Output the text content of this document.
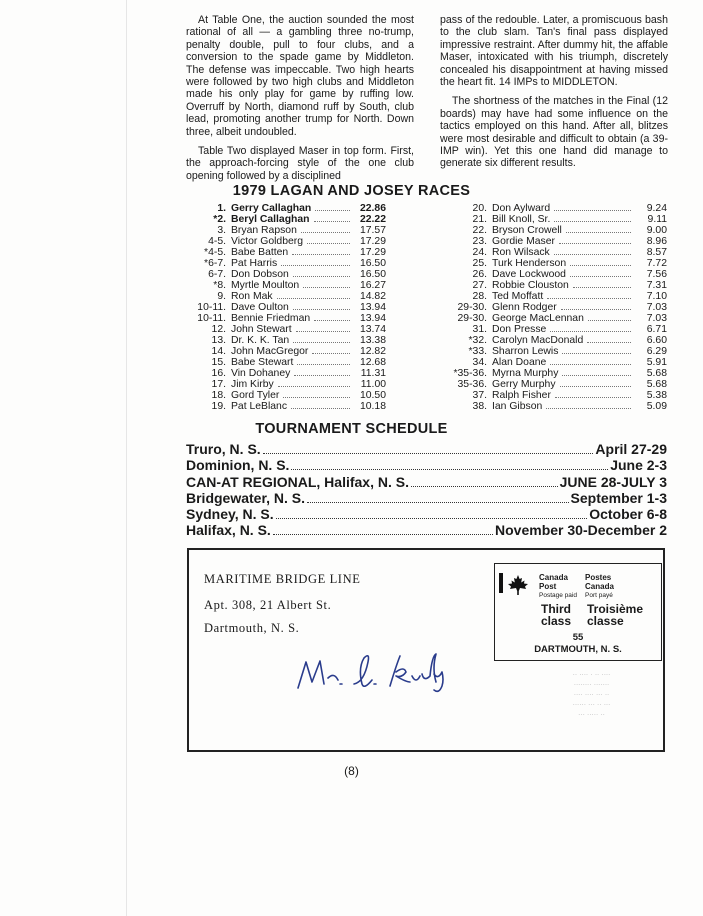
At Table One, the auction sounded the most rational of all — a gambling three no-trump, penalty double, pull to four clubs, and a conversion to the spade game by Middleton. The defense was impeccable. Two high hearts were followed by two high clubs and Middleton made his only play for game by ruffing low. Overruff by North, diamond ruff by South, club lead, promoting another trump for North. Down three, albeit undoubled.

Table Two displayed Maser in top form. First, the approach-forcing style of the one club opening followed by a disciplined

pass of the redouble. Later, a promiscuous bash to the club slam. Tan's final pass displayed impressive restraint. After dummy hit, the affable Maser, intoxicated with his triumph, discretely concealed his disappointment at having missed the heart fit. 14 IMPs to MIDDLETON.

The shortness of the matches in the Final (12 boards) may have had some influence on the tactics employed on this hand. After all, blitzes were most desirable and difficult to obtain (a 39-IMP win). Yet this one hand did manage to generate six different results.

1979 LAGAN AND JOSEY RACES
1. Gerry Callaghan	22.86
*2. Beryl Callaghan	22.22
3. Bryan Rapson	17.57
4-5. Victor Goldberg	17.29
*4-5. Babe Batten	17.29
*6-7. Pat Harris	16.50
6-7. Don Dobson	16.50
*8. Myrtle Moulton	16.27
9. Ron Mak	14.82
10-11. Dave Oulton	13.94
10-11. Bennie Friedman	13.94
12. John Stewart	13.74
13. Dr. K. K. Tan	13.38
14. John MacGregor	12.82
15. Babe Stewart	12.68
16. Vin Dohaney	11.31
17. Jim Kirby	11.00
18. Gord Tyler	10.50
19. Pat LeBlanc	10.18
20. Don Aylward	9.24
21. Bill Knoll, Sr.	9.11
22. Bryson Crowell	9.00
23. Gordie Maser	8.96
24. Ron Wilsack	8.57
25. Turk Henderson	7.72
26. Dave Lockwood	7.56
27. Robbie Clouston	7.31
28. Ted Moffatt	7.10
29-30. Glenn Rodger	7.03
29-30. George MacLennan	7.03
31. Don Presse	6.71
*32. Carolyn MacDonald	6.60
*33. Sharron Lewis	6.29
34. Alan Doane	5.91
*35-36. Myrna Murphy	5.68
35-36. Gerry Murphy	5.68
37. Ralph Fisher	5.38
38. Ian Gibson	5.09
TOURNAMENT SCHEDULE
Truro, N. S.	April 27-29
Dominion, N. S.	June 2-3
CAN-AT REGIONAL, Halifax, N. S.	JUNE 28-JULY 3
Bridgewater, N. S.	September 1-3
Sydney, N. S.	October 6-8
Halifax, N. S.	November 30-December 2
MARITIME BRIDGE LINE
Apt. 308, 21 Albert St.
Dartmouth, N. S.
Canada
Post
Postage paid
Postes
Canada
Port payé
Third
class
Troisième
classe
55
DARTMOUTH, N. S.
.. .... . .. ....
........ .......
.... .... ... ..
...... ... .. ...
... ..... ..
(8)
